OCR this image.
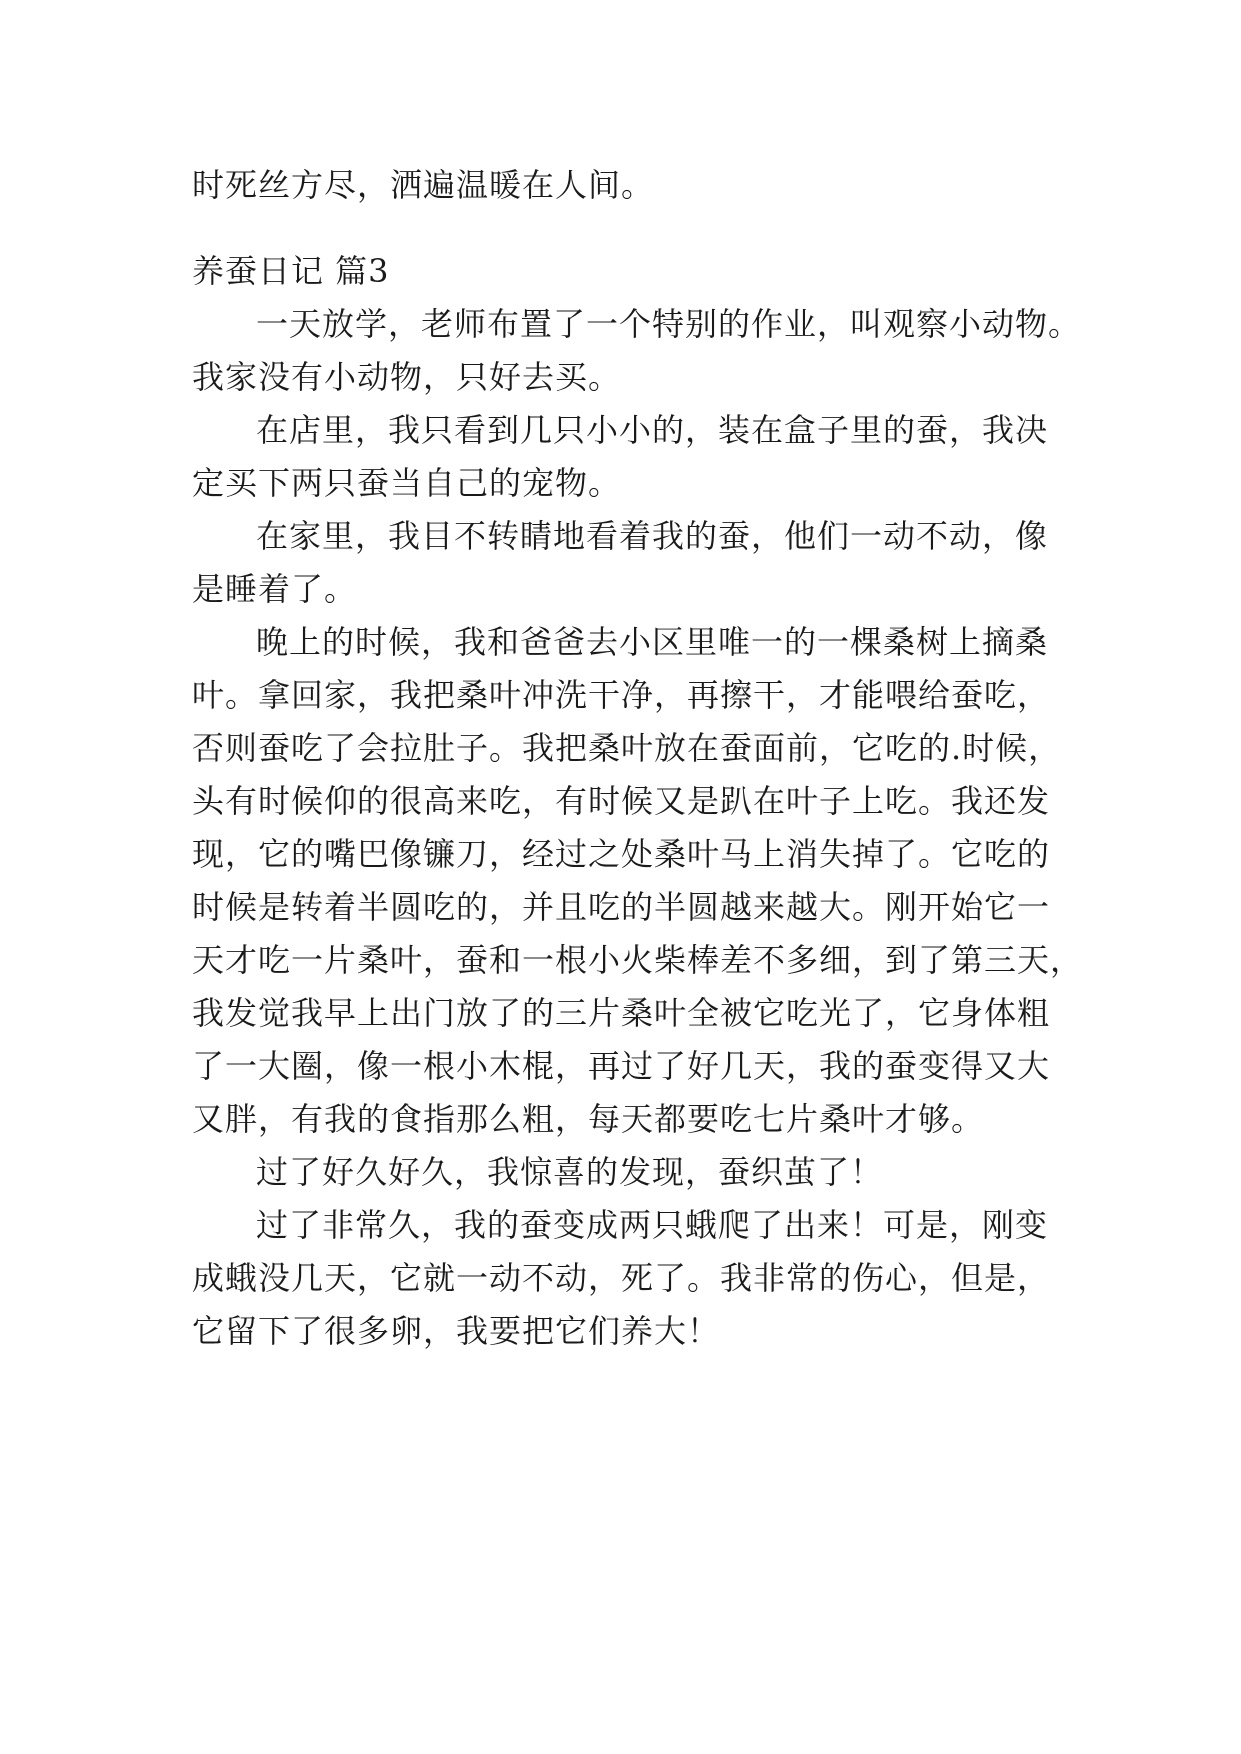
时死丝方尽，洒遍温暖在人间。
养蚕日记 篇3
一天放学，老师布置了一个特别的作业，叫观察小动物。
我家没有小动物，只好去买。
在店里，我只看到几只小小的，装在盒子里的蚕，我决
定买下两只蚕当自己的宠物。
在家里，我目不转睛地看着我的蚕，他们一动不动，像
是睡着了。
晚上的时候，我和爸爸去小区里唯一的一棵桑树上摘桑
叶。拿回家，我把桑叶冲洗干净，再擦干，才能喂给蚕吃，
否则蚕吃了会拉肚子。我把桑叶放在蚕面前，它吃的.时候，
头有时候仰的很高来吃，有时候又是趴在叶子上吃。我还发
现，它的嘴巴像镰刀，经过之处桑叶马上消失掉了。它吃的
时候是转着半圆吃的，并且吃的半圆越来越大。刚开始它一
天才吃一片桑叶，蚕和一根小火柴棒差不多细，到了第三天，
我发觉我早上出门放了的三片桑叶全被它吃光了，它身体粗
了一大圈，像一根小木棍，再过了好几天，我的蚕变得又大
又胖，有我的食指那么粗，每天都要吃七片桑叶才够。
过了好久好久，我惊喜的发现，蚕织茧了！
过了非常久，我的蚕变成两只蛾爬了出来！可是，刚变
成蛾没几天，它就一动不动，死了。我非常的伤心，但是，
它留下了很多卵，我要把它们养大！
